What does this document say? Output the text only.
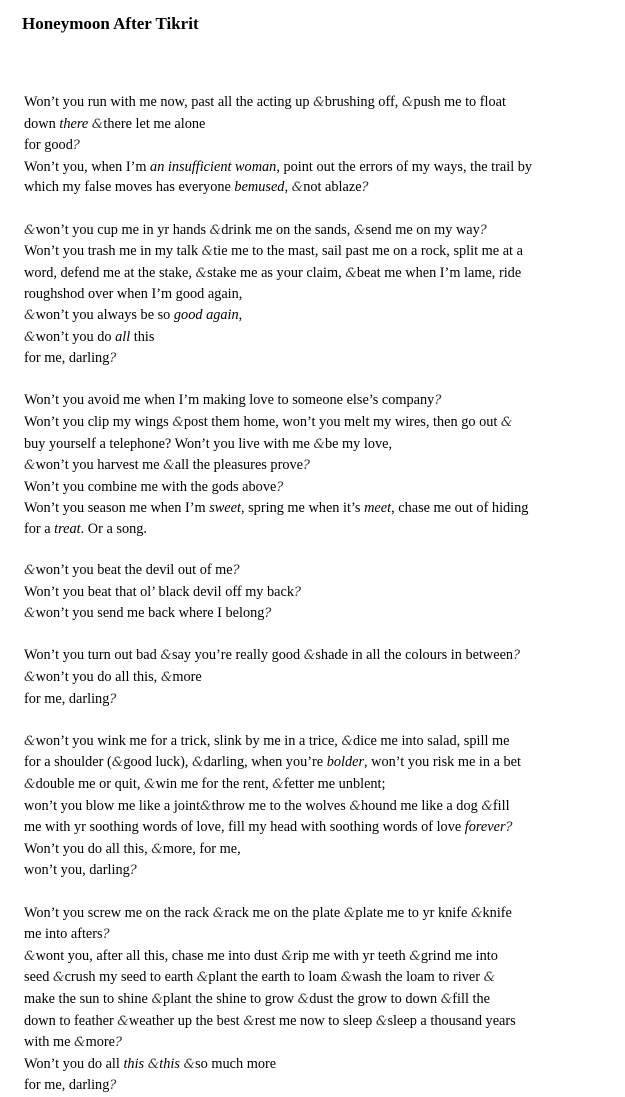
Honeymoon After Tikrit
Won’t you run with me now, past all the acting up &brushing off, &push me to float
down there &there let me alone
for good?
Won’t you, when I’m an insufficient woman, point out the errors of my ways, the trail by
which my false moves has everyone bemused, &not ablaze?
&won’t you cup me in yr hands &drink me on the sands, &send me on my way?
Won’t you trash me in my talk &tie me to the mast, sail past me on a rock, split me at a
word, defend me at the stake, &stake me as your claim, &beat me when I’m lame, ride
roughshod over when I’m good again,
&won’t you always be so good again,
&won’t you do all this
for me, darling?
Won’t you avoid me when I’m making love to someone else’s company?
Won’t you clip my wings &post them home, won’t you melt my wires, then go out &
buy yourself a telephone? Won’t you live with me &be my love,
&won’t you harvest me &all the pleasures prove?
Won’t you combine me with the gods above?
Won’t you season me when I’m sweet, spring me when it’s meet, chase me out of hiding
for a treat. Or a song.
&won’t you beat the devil out of me?
Won’t you beat that ol’ black devil off my back?
&won’t you send me back where I belong?
Won’t you turn out bad &say you’re really good &shade in all the colours in between?
&won’t you do all this, &more
for me, darling?
&won’t you wink me for a trick, slink by me in a trice, &dice me into salad, spill me
for a shoulder (&good luck), &darling, when you’re bolder, won’t you risk me in a bet
&double me or quit, &win me for the rent, &fetter me unblent;
won’t you blow me like a joint&throw me to the wolves &hound me like a dog &fill
me with yr soothing words of love, fill my head with soothing words of love forever?
Won’t you do all this, &more, for me,
won’t you, darling?
Won’t you screw me on the rack &rack me on the plate &plate me to yr knife &knife
me into afters?
&wont you, after all this, chase me into dust &rip me with yr teeth &grind me into
seed &crush my seed to earth &plant the earth to loam &wash the loam to river &
make the sun to shine &plant the shine to grow &dust the grow to down &fill the
down to feather &weather up the best &rest me now to sleep &sleep a thousand years
with me &more?
Won’t you do all this &this &so much more
for me, darling?
